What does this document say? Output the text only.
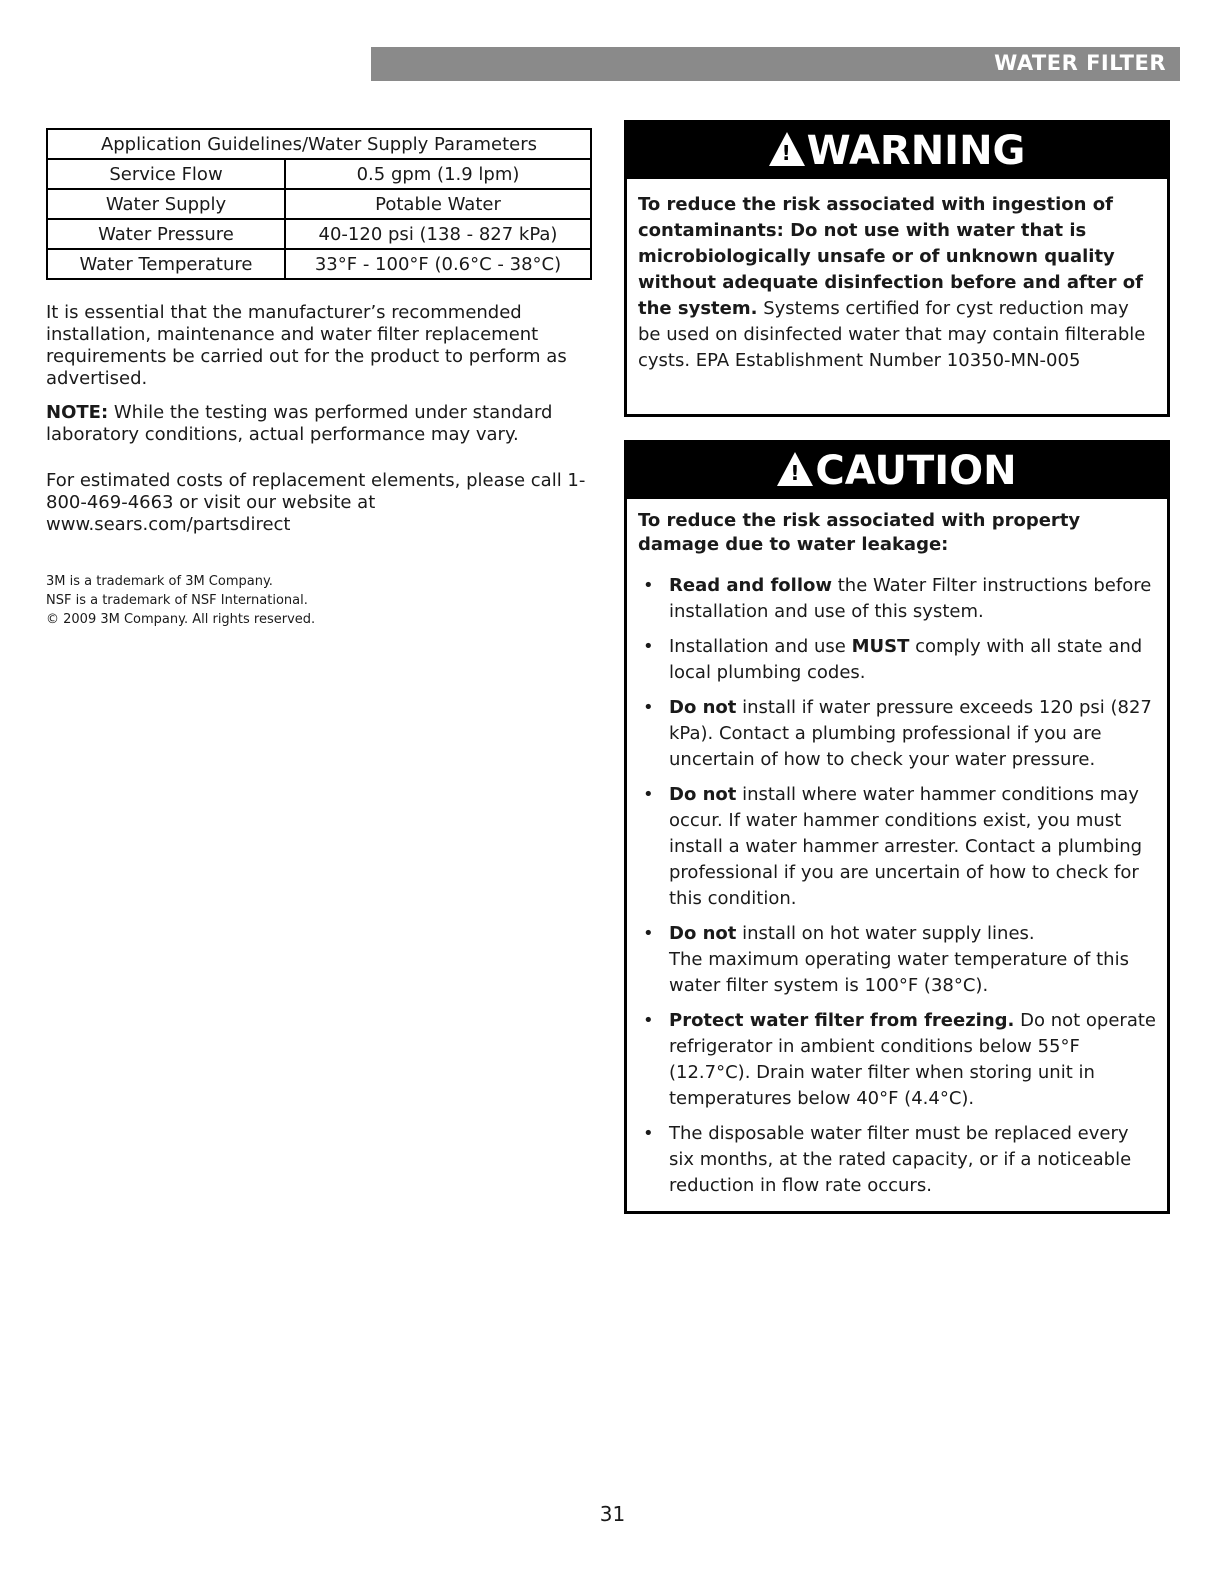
WATER FILTER
Application Guidelines/Water Supply Parameters	
Service Flow	0.5 gpm (1.9 lpm)
Water Supply	Potable Water
Water Pressure	40-120 psi (138 - 827 kPa)
Water Temperature	33°F - 100°F (0.6°C - 38°C)

It is essential that the manufacturer’s recommended installation, maintenance and water filter replacement requirements be carried out for the product to perform as advertised.

NOTE: While the testing was performed under standard laboratory conditions, actual performance may vary.

For estimated costs of replacement elements, please call 1-800-469-4663 or visit our website at www.sears.com/partsdirect

3M is a trademark of 3M Company.

NSF is a trademark of NSF International.

© 2009 3M Company. All rights reserved.

! WARNING
To reduce the risk associated with ingestion of contaminants: Do not use with water that is microbiologically unsafe or of unknown quality without adequate disinfection before and after of the system. Systems certified for cyst reduction may be used on disinfected water that may contain filterable cysts. EPA Establishment Number 10350-MN-005
! CAUTION
To reduce the risk associated with property damage due to water leakage:
• Read and follow the Water Filter instructions before installation and use of this system.
• Installation and use MUST comply with all state and local plumbing codes.
• Do not install if water pressure exceeds 120 psi (827 kPa). Contact a plumbing professional if you are uncertain of how to check your water pressure.
• Do not install where water hammer conditions may occur. If water hammer conditions exist, you must install a water hammer arrester. Contact a plumbing professional if you are uncertain of how to check for this condition.
• Do not install on hot water supply lines.
The maximum operating water temperature of this water filter system is 100°F (38°C).
• Protect water filter from freezing. Do not operate refrigerator in ambient conditions below 55°F (12.7°C). Drain water filter when storing unit in temperatures below 40°F (4.4°C).
• The disposable water filter must be replaced every six months, at the rated capacity, or if a noticeable reduction in flow rate occurs.
31
